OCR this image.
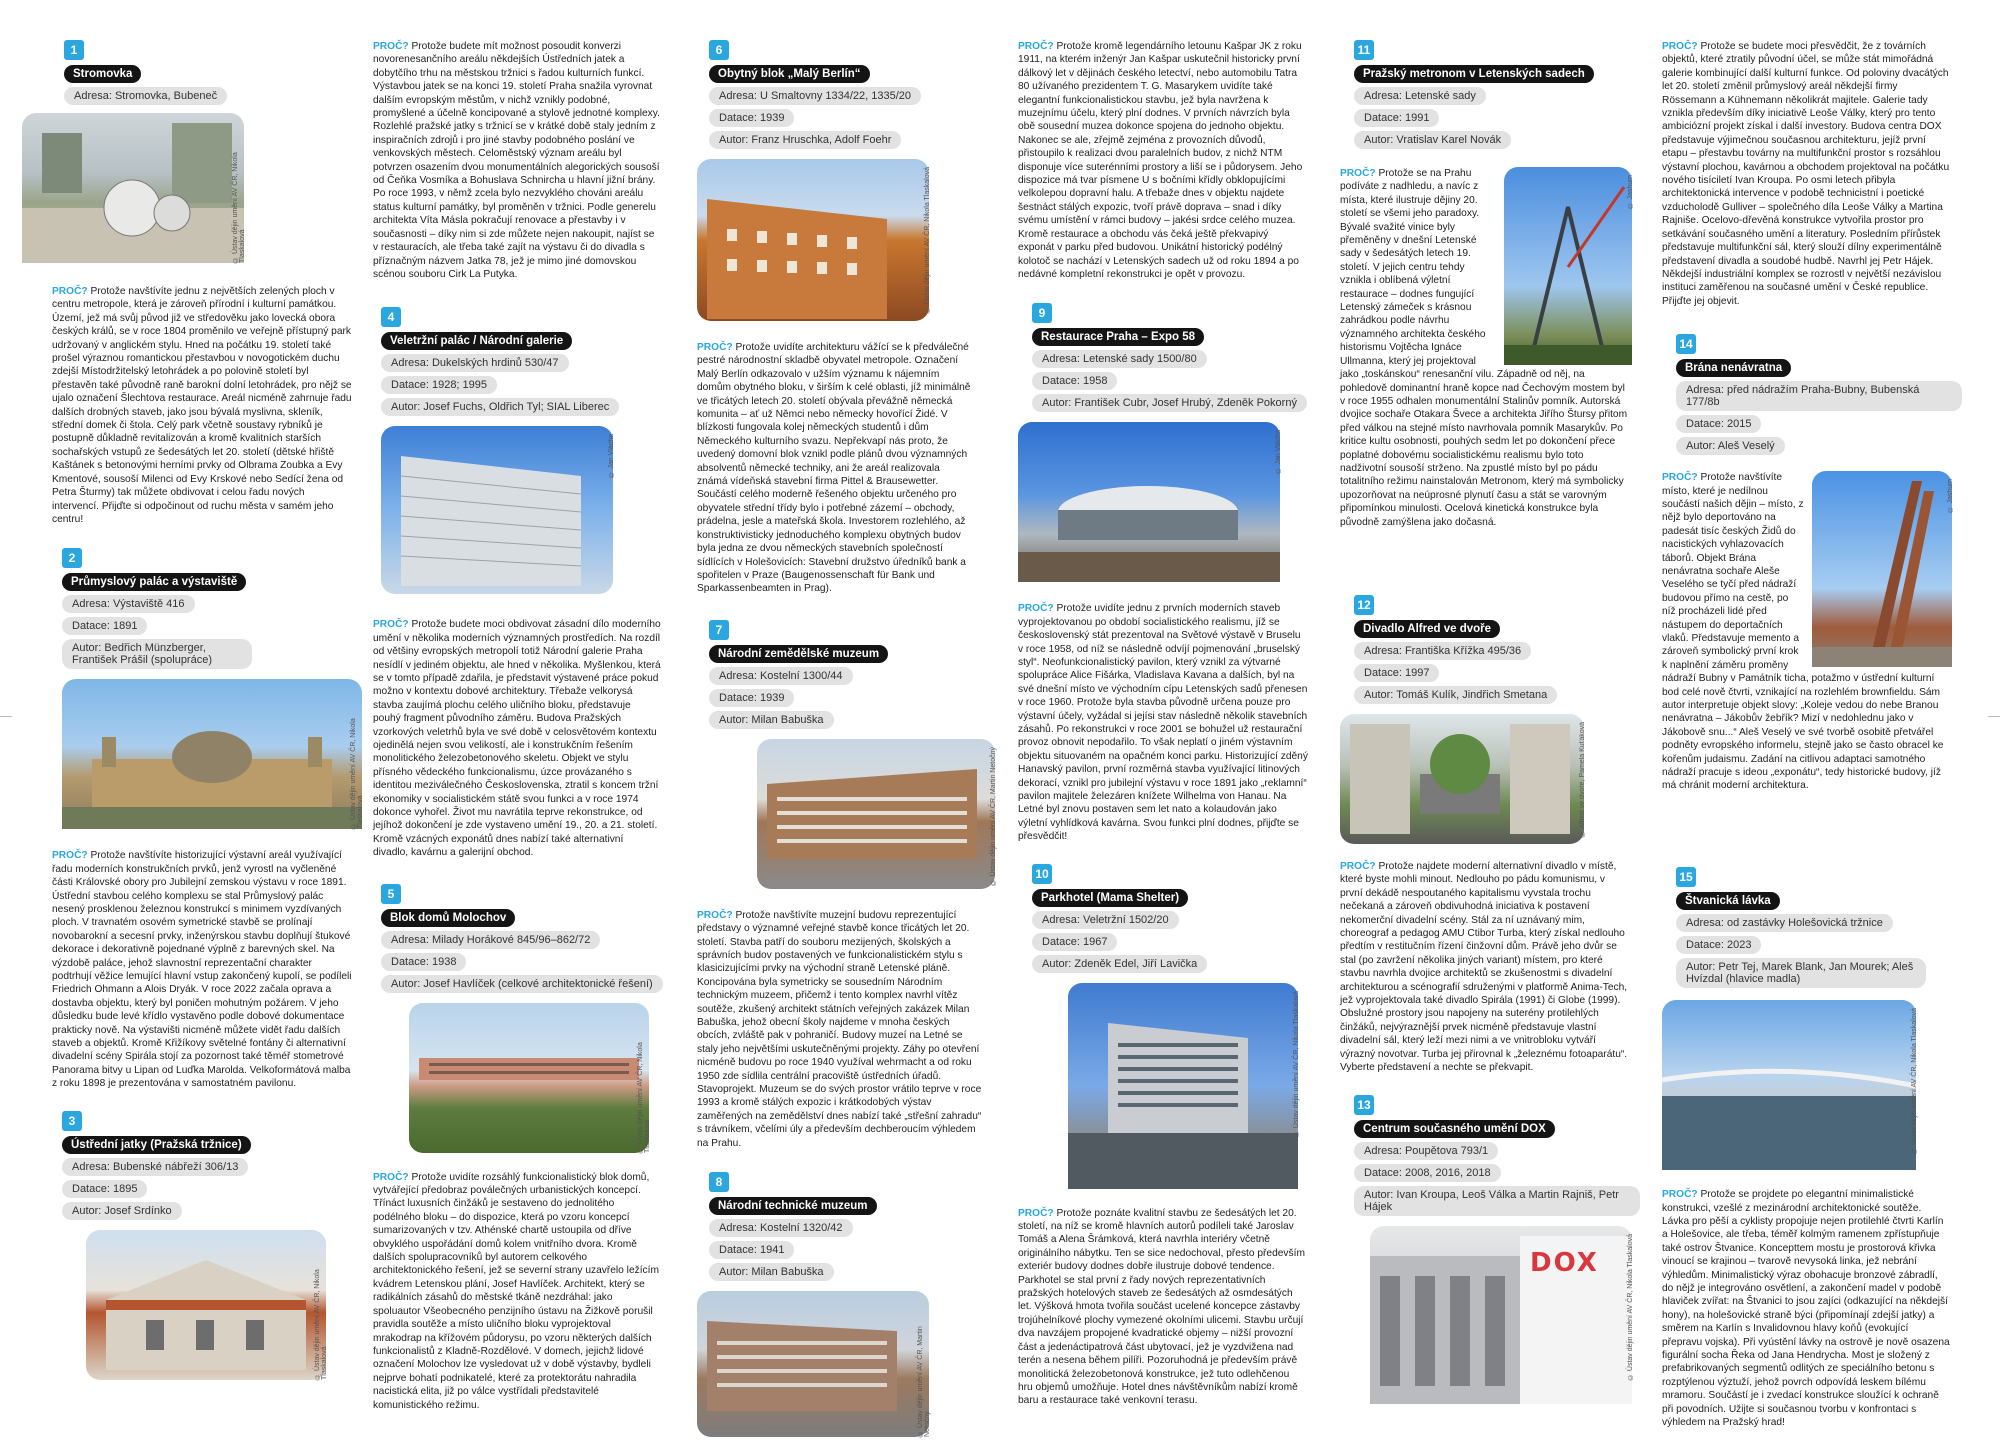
1
Stromovka
Adresa: Stromovka, Bubeneč
© Ústav dějin umění AV ČR, Nikola Tlaskalová
PROČ? Protože navštívíte jednu z největších zelených ploch v centru metropole, která je zároveň přírodní i kulturní památkou. Území, jež má svůj původ již ve středověku jako lovecká obora českých králů, se v roce 1804 proměnilo ve veřejně přístupný park udržovaný v anglickém stylu. Hned na počátku 19. století také prošel výraznou romantickou přestavbou v novogotickém duchu zdejší Místodržitelský letohrádek a po polovině století byl přestavěn také původně raně barokní dolní letohrádek, pro nějž se ujalo označení Šlechtova restaurace. Areál nicméně zahrnuje řadu dalších drobných staveb, jako jsou bývalá myslivna, skleník, střední domek či štola. Celý park včetně soustavy rybníků je postupně důkladně revitalizován a kromě kvalitních starších sochařských vstupů ze šedesátých let 20. století (dětské hřiště Kaštánek s betonovými herními prvky od Olbrama Zoubka a Evy Kmentové, sousoší Milenci od Evy Krskové nebo Sedící žena od Petra Šturmy) tak můžete obdivovat i celou řadu nových intervencí. Přijďte si odpočinout od ruchu města v samém jeho centru!
2
Průmyslový palác a výstaviště
Adresa: Výstaviště 416
Datace: 1891
Autor: Bedřich Münzberger, František Prášil (spolupráce)
© Ústav dějin umění AV ČR, Nikola Tlaskalová
PROČ? Protože navštívíte historizující výstavní areál využívající řadu moderních konstrukčních prvků, jenž vyrostl na vyčleněné části Královské obory pro Jubilejní zemskou výstavu v roce 1891. Ústřední stavbou celého komplexu se stal Průmyslový palác nesený prosklenou železnou konstrukcí s minimem vyzdívaných ploch. V travnatém osovém symetrické stavbě se prolínají novobarokní a secesní prvky, inženýrskou stavbu doplňují štukové dekorace i dekorativně pojednané výplně z barevných skel. Na výzdobě paláce, jehož slavnostní reprezentační charakter podtrhují věžice lemující hlavní vstup zakončený kupolí, se podíleli Friedrich Ohmann a Alois Dryák. V roce 2022 začala oprava a dostavba objektu, který byl poničen mohutným požárem. V jeho důsledku bude levé křídlo vystavěno podle dobové dokumentace prakticky nově. Na výstavišti nicméně můžete vidět řadu dalších staveb a objektů. Kromě Křižíkovy světelné fontány či alternativní divadelní scény Spirála stojí za pozornost také těméř stometrové Panorama bitvy u Lipan od Luďka Marolda. Velkoformátová malba z roku 1898 je prezentována v samostatném pavilonu.
3
Ústřední jatky (Pražská tržnice)
Adresa: Bubenské nábřeží 306/13
Datace: 1895
Autor: Josef Srdínko
© Ústav dějin umění AV ČR, Nikola Tlaskalová
PROČ? Protože budete mít možnost posoudit konverzi novorenesančního areálu někdejších Ústředních jatek a dobytčího trhu na městskou tržnici s řadou kulturních funkcí. Výstavbou jatek se na konci 19. století Praha snažila vyrovnat dalším evropským městům, v nichž vznikly podobné, promyšlené a účelně koncipované a stylově jednotné komplexy. Rozlehlé pražské jatky s tržnicí se v krátké době staly jedním z inspiračních zdrojů i pro jiné stavby podobného poslání ve venkovských městech. Celoměstský význam areálu byl potvrzen osazením dvou monumentálních alegorických sousoší od Čeňka Vosmíka a Bohuslava Schnircha u hlavní jižní brány. Po roce 1993, v němž zcela bylo nezvyklého chováni areálu status kulturní památky, byl proměněn v tržnici. Podle generelu architekta Víta Másla pokračují renovace a přestavby i v současnosti – díky nim si zde můžete nejen nakoupit, najíst se v restauracích, ale třeba také zajít na výstavu či do divadla s příznačným názvem Jatka 78, jež je mimo jiné domovskou scénou souboru Cirk La Putyka.
4
Veletržní palác / Národní galerie
Adresa: Dukelských hrdinů 530/47
Datace: 1928; 1995
Autor: Josef Fuchs, Oldřich Tyl; SIAL Liberec
© Jan Vlácha
PROČ? Protože budete moci obdivovat zásadní dílo moderního umění v několika moderních významných prostředích. Na rozdíl od většiny evropských metropolí totiž Národní galerie Praha nesídlí v jediném objektu, ale hned v několika. Myšlenkou, která se v tomto případě zdařila, je představit výstavené práce pokud možno v kontextu dobové architektury. Třebaže velkorysá stavba zaujímá plochu celého uličního bloku, představuje pouhý fragment původního záměru. Budova Pražských vzorkových veletrhů byla ve své době v celosvětovém kontextu ojedinělá nejen svou velikostí, ale i konstrukčním řešením monolitického železobetonového skeletu. Objekt ve stylu přísného vědeckého funkcionalismu, úzce provázaného s identitou meziválečného Československa, ztratil s koncem tržní ekonomiky v socialistickém státě svou funkci a v roce 1974 dokonce vyhořel. Život mu navrátila teprve rekonstrukce, od jejíhož dokončení je zde vystaveno umění 19., 20. a 21. století. Kromě vzácných exponátů dnes nabízí také alternativní divadlo, kavárnu a galerijní obchod.
5
Blok domů Molochov
Adresa: Milady Horákové 845/96–862/72
Datace: 1938
Autor: Josef Havlíček (celkové architektonické řešení)
© Ústav dějin umění AV ČR, Nikola Tlaskalová
PROČ? Protože uvidíte rozsáhlý funkcionalistický blok domů, vytvářející předobraz poválečných urbanistických koncepcí. Třínáct luxusních činžáků je sestaveno do jednolitého podélného bloku – do dispozice, která po vzoru koncepcí sumarizovaných v tzv. Athénské chartě ustoupila od dříve obvyklého uspořádání domů kolem vnitřního dvora. Kromě dalších spolupracovníků byl autorem celkového architektonického řešení, jež se severní strany uzavřelo ležícím kvádrem Letenskou plání, Josef Havlíček. Architekt, který se radikálních zásahů do městské tkáně nezdráhal: jako spoluautor Všeobecného penzijního ústavu na Žižkově porušil pravidla soutěže a místo uličního bloku vyprojektoval mrakodrap na křížovém půdorysu, po vzoru některých dalších funkcionalistů z Kladně-Rozdělové. V domech, jejichž lidové označení Molochov lze vysledovat už v době výstavby, bydleli nejprve bohatí podnikatelé, které za protektorátu nahradila nacistická elita, již po válce vystřídali představitelé komunistického režimu.
6
Obytný blok „Malý Berlín“
Adresa: U Smaltovny 1334/22, 1335/20
Datace: 1939
Autor: Franz Hruschka, Adolf Foehr
© Ústav dějin umění AV ČR, Nikola Tlaskalová
PROČ? Protože uvidíte architekturu vážící se k předválečné pestré národnostní skladbě obyvatel metropole. Označení Malý Berlín odkazovalo v užším významu k nájemním domům obytného bloku, v širším k celé oblasti, jíž minimálně ve třicátých letech 20. století obývala převážně německá komunita – ať už Němci nebo německy hovořící Židé. V blízkosti fungovala kolej německých studentů i dům Německého kulturního svazu. Nepřekvapí nás proto, že uvedený domovní blok vznikl podle plánů dvou významných absolventů německé techniky, ani že areál realizovala známá vídeňská stavební firma Pittel & Brausewetter. Součástí celého moderně řešeného objektu určeného pro obyvatele střední třídy bylo i potřebné zázemí – obchody, prádelna, jesle a mateřská škola. Investorem rozlehlého, až konstruktivisticky jednoduchého komplexu obytných budov byla jedna ze dvou německých stavebních společností sídlících v Holešovicích: Stavební družstvo úředníků bank a spořitelen v Praze (Baugenossenschaft für Bank und Sparkassenbeamten in Prag).
7
Národní zemědělské muzeum
Adresa: Kostelní 1300/44
Datace: 1939
Autor: Milan Babuška
© Ústav dějin umění AV ČR, Martin Netočný
PROČ? Protože navštívíte muzejní budovu reprezentující představy o významné veřejné stavbě konce třicátých let 20. století. Stavba patří do souboru mezijených, školských a správních budov postavených ve funkcionalistickém stylu s klasicizujícími prvky na východní straně Letenské pláně. Koncipována byla symetricky se sousedním Národním technickým muzeem, přičemž i tento komplex navrhl vítěz soutěže, zkušený architekt státních veřejných zakázek Milan Babuška, jehož obecní školy najdeme v mnoha českých obcích, zvláště pak v pohraničí. Budovy muzeí na Letné se staly jeho největšími uskutečněnými projekty. Záhy po otevření nicméně budovu po roce 1940 využíval wehrmacht a od roku 1950 zde sídlila centrální pracoviště ústředních úřadů. Stavoprojekt. Muzeum se do svých prostor vrátilo teprve v roce 1993 a kromě stálých expozic i krátkodobých výstav zaměřených na zemědělství dnes nabízí také „střešní zahradu“ s trávníkem, včelími úly a především dechberoucím výhledem na Prahu.
8
Národní technické muzeum
Adresa: Kostelní 1320/42
Datace: 1941
Autor: Milan Babuška
© Ústav dějin umění AV ČR, Martin Netočný
PROČ? Protože kromě legendárního letounu Kašpar JK z roku 1911, na kterém inženýr Jan Kašpar uskutečnil historicky první dálkový let v dějinách českého letectví, nebo automobilu Tatra 80 užívaného prezidentem T. G. Masarykem uvidíte také elegantní funkcionalistickou stavbu, jež byla navržena k muzejnímu účelu, který plní dodnes. V prvních návrzích byla obě sousední muzea dokonce spojena do jednoho objektu. Nakonec se ale, zřejmě zejména z provozních důvodů, přistoupilo k realizaci dvou paralelních budov, z nichž NTM disponuje více suterénními prostory a liší se i půdorysem. Jeho dispozice má tvar písmene U s bočními křídly obklopujícími velkolepou dopravní halu. A třebaže dnes v objektu najdete šestnáct stálých expozic, tvoří právě doprava – snad i díky svému umístění v rámci budovy – jakési srdce celého muzea. Kromě restaurace a obchodu vás čeká ještě překvapivý exponát v parku před budovou. Unikátní historický podélný kolotoč se nachází v Letenských sadech už od roku 1894 a po nedávné kompletní rekonstrukci je opět v provozu.
9
Restaurace Praha – Expo 58
Adresa: Letenské sady 1500/80
Datace: 1958
Autor: František Cubr, Josef Hrubý, Zdeněk Pokorný
© Jan Vlácha
PROČ? Protože uvidíte jednu z prvních moderních staveb vyprojektovanou po období socialistického realismu, jíž se československý stát prezentoval na Světové výstavě v Bruselu v roce 1958, od níž se následně odvíjí pojmenování „bruselský styl“. Neofunkcionalistický pavilon, který vznikl za výtvarné spolupráce Alice Fišárka, Vladislava Kavana a dalších, byl na své dnešní místo ve východním cípu Letenských sadů přenesen v roce 1960. Protože byla stavba původně určena pouze pro výstavní účely, vyžádal si jejísi stav následně několik stavebních zásahů. Po rekonstrukci v roce 2001 se bohužel už restaurační provoz obnovit nepodařilo. To však neplatí o jiném výstavním objektu situovaném na opačném konci parku. Historizující zděný Hanavský pavilon, první rozměrná stavba využívající litinových dekorací, vznikl pro jubilejní výstavu v roce 1891 jako „reklamní“ pavilon majitele železáren knížete Wilhelma von Hanau. Na Letné byl znovu postaven sem let nato a kolaudován jako výletní vyhlídková kavárna. Svou funkci plní dodnes, přijďte se přesvědčit!
10
Parkhotel (Mama Shelter)
Adresa: Veletržní 1502/20
Datace: 1967
Autor: Zdeněk Edel, Jiří Lavička
© Ústav dějin umění AV ČR, Nikola Tlaskalová
PROČ? Protože poznáte kvalitní stavbu ze šedesátých let 20. století, na níž se kromě hlavních autorů podíleli také Jaroslav Tomáš a Alena Šrámková, která navrhla interiéry včetně originálního nábytku. Ten se sice nedochoval, přesto především exteriér budovy dodnes dobře ilustruje dobové tendence. Parkhotel se stal první z řady nových reprezentativních pražských hotelových staveb ze šedesátých až osmdesátých let. Výšková hmota tvořila součást ucelené koncepce zástavby trojúhelníkové plochy vymezené okolními ulicemi. Stavbu určují dva navzájem propojené kvadratické objemy – nižší provozní část a jedenáctipatrová část ubytovací, jež je vyzdvižena nad terén a nesena během pilíři. Pozoruhodná je především právě monolitická železobetonová konstrukce, jež tuto odlehčenou hru objemů umožňuje. Hotel dnes návštěvníkům nabízí kromě baru a restaurace také venkovní terasu.
11
Pražský metronom v Letenských sadech
Adresa: Letenské sady
Datace: 1991
Autor: Vratislav Karel Novák
© Jashum
PROČ? Protože se na Prahu podíváte z nadhledu, a navíc z místa, které ilustruje dějiny 20. století se všemi jeho paradoxy. Bývalé svažité vinice byly přeměněny v dnešní Letenské sady v šedesátých letech 19. století. V jejich centru tehdy vznikla i oblíbená výletní restaurace – dodnes fungující Letenský zámeček s krásnou zahrádkou podle návrhu významného architekta českého historismu Vojtěcha Ignáce Ullmanna, který jej projektoval jako „toskánskou“ renesanční vilu. Západně od něj, na pohledově dominantní hraně kopce nad Čechovým mostem byl v roce 1955 odhalen monumentální Stalinův pomník. Autorská dvojice sochaře Otakara Švece a architekta Jiřího Štursy přitom před válkou na stejné místo navrhovala pomník Masarykův. Po kritice kultu osobnosti, pouhých sedm let po dokončení přece poplatné dobovému socialistickému realismu bylo toto nadživotní sousoší strženo. Na zpustlé místo byl po pádu totalitního režimu nainstalován Metronom, který má symbolicky upozorňovat na neúprosné plynutí času a stát se varovným připomínkou minulosti. Ocelová kinetická konstrukce byla původně zamýšlena jako dočasná.
12
Divadlo Alfred ve dvoře
Adresa: Františka Křížka 495/36
Datace: 1997
Autor: Tomáš Kulík, Jindřich Smetana
© Alfred ve dvoře, Pamela Kuťáková
PROČ? Protože najdete moderní alternativní divadlo v místě, které byste mohli minout. Nedlouho po pádu komunismu, v první dekádě nespoutaného kapitalismu vyvstala trochu nečekaná a zároveň obdivuhodná iniciativa k postavení nekomerční divadelní scény. Stál za ní uznávaný mim, choreograf a pedagog AMU Ctibor Turba, který získal nedlouho předtím v restitučním řízení činžovní dům. Právě jeho dvůr se stal (po zavržení několika jiných variant) místem, pro které stavbu navrhla dvojice architektů se zkušenostmi s divadelní architekturou a scénografií sdruženými v platformě Anima-Tech, jež vyprojektovala také divadlo Spirála (1991) či Globe (1999). Obslužné prostory jsou napojeny na suterény protilehlých činžáků, nejvýraznější prvek nicméně představuje vlastní divadelní sál, který leží mezi nimi a ve vnitrobloku vytváří výrazný novotvar. Turba jej přirovnal k „železnému fotoaparátu“. Vyberte představení a nechte se překvapit.
13
Centrum současného umění DOX
Adresa: Poupětova 793/1
Datace: 2008, 2016, 2018
Autor: Ivan Kroupa, Leoš Válka a Martin Rajniš, Petr Hájek
DOX	© Ústav dějin umění AV ČR, Nikola Tlaskalová
PROČ? Protože se budete moci přesvědčit, že z továrních objektů, které ztratily původní účel, se může stát mimořádná galerie kombinující další kulturní funkce. Od poloviny dvacátých let 20. století změnil průmyslový areál někdejší firmy Rössemann a Kühnemann několikrát majitele. Galerie tady vznikla především díky iniciativě Leoše Války, který pro tento ambiciózní projekt získal i další investory. Budova centra DOX představuje výjimečnou současnou architekturu, jejíž první etapu – přestavbu továrny na multifunkční prostor s rozsáhlou výstavní plochou, kavárnou a obchodem projektoval na počátku nového tisíciletí Ivan Kroupa. Po osmi letech přibyla architektonická intervence v podobě technicistní i poetické vzducholodě Gulliver – společného díla Leoše Války a Martina Rajniše. Ocelovo-dřevěná konstrukce vytvořila prostor pro setkávání současného umění a literatury. Posledním přírůstek představuje multifunkční sál, který slouží dílny experimentálně představení divadla a soudobé hudbě. Navrhl jej Petr Hájek. Někdejší industriální komplex se rozrostl v největší nezávislou instituci zaměřenou na současné umění v České republice. Přijďte jej objevit.
14
Brána nenávratna
Adresa: před nádražím Praha-Bubny, Bubenská 177/8b
Datace: 2015
Autor: Aleš Veselý
© Jashum
PROČ? Protože navštívíte místo, které je nedílnou součástí našich dějin – místo, z nějž bylo deportováno na padesát tisíc českých Židů do nacistických vyhlazovacích táborů. Objekt Brána nenávratna sochaře Aleše Veselého se tyčí před nádraží budovou přímo na cestě, po níž procházeli lidé před nástupem do deportačních vlaků. Představuje memento a zároveň symbolický první krok k naplnění záměru proměny nádraží Bubny v Památník ticha, potažmo v ústřední kulturní bod celé nově čtvrti, vznikající na rozlehlém brownfieldu. Sám autor interpretuje objekt slovy: „Koleje vedou do nebe Branou nenávratna – Jákobův žebřík? Mizí v nedohlednu jako v Jákobově snu...“ Aleš Veselý ve své tvorbě osobitě přetvářel podněty evropského informelu, stejně jako se často obracel ke kořenům judaismu. Zadání na citlivou adaptaci samotného nádraží pracuje s ideou „exponátu“, tedy historické budovy, jíž má chránit moderní architektura.
15
Štvanická lávka
Adresa: od zastávky Holešovická tržnice
Datace: 2023
Autor: Petr Tej, Marek Blank, Jan Mourek; Aleš Hvízdal (hlavice madla)
© Ústav dějin umění AV ČR, Nikola Tlaskalová
PROČ? Protože se projdete po elegantní minimalistické konstrukci, vzešlé z mezinárodní architektonické soutěže. Lávka pro pěší a cyklisty propojuje nejen protilehlé čtvrti Karlín a Holešovice, ale třeba, téměř kolmým ramenem zpřístupňuje také ostrov Štvanice. Koncepttem mostu je prostorová křivka vinoucí se krajinou – tvarově nevysoká linka, jež nebrání výhledům. Minimalistický výraz obohacuje bronzové zábradlí, do nějž je integrováno osvětlení, a zakončení madel v podobě hlaviček zvířat: na Štvanici to jsou zajíci (odkazující na někdejší hony), na holešovické straně býci (připomínají zdejší jatky) a směrem na Karlín s Invalidovnou hlavy koňů (evokující přepravu vojska). Při vyústění lávky na ostrově je nově osazena figurální socha Řeka od Jana Hendrycha. Most je složený z prefabrikovaných segmentů odlitých ze speciálního betonu s rozptýlenou výztuží, jehož povrch odpovídá leskem bílému mramoru. Součástí je i zvedací konstrukce sloužící k ochraně při povodních. Užijte si současnou tvorbu v konfrontaci s výhledem na Pražský hrad!
